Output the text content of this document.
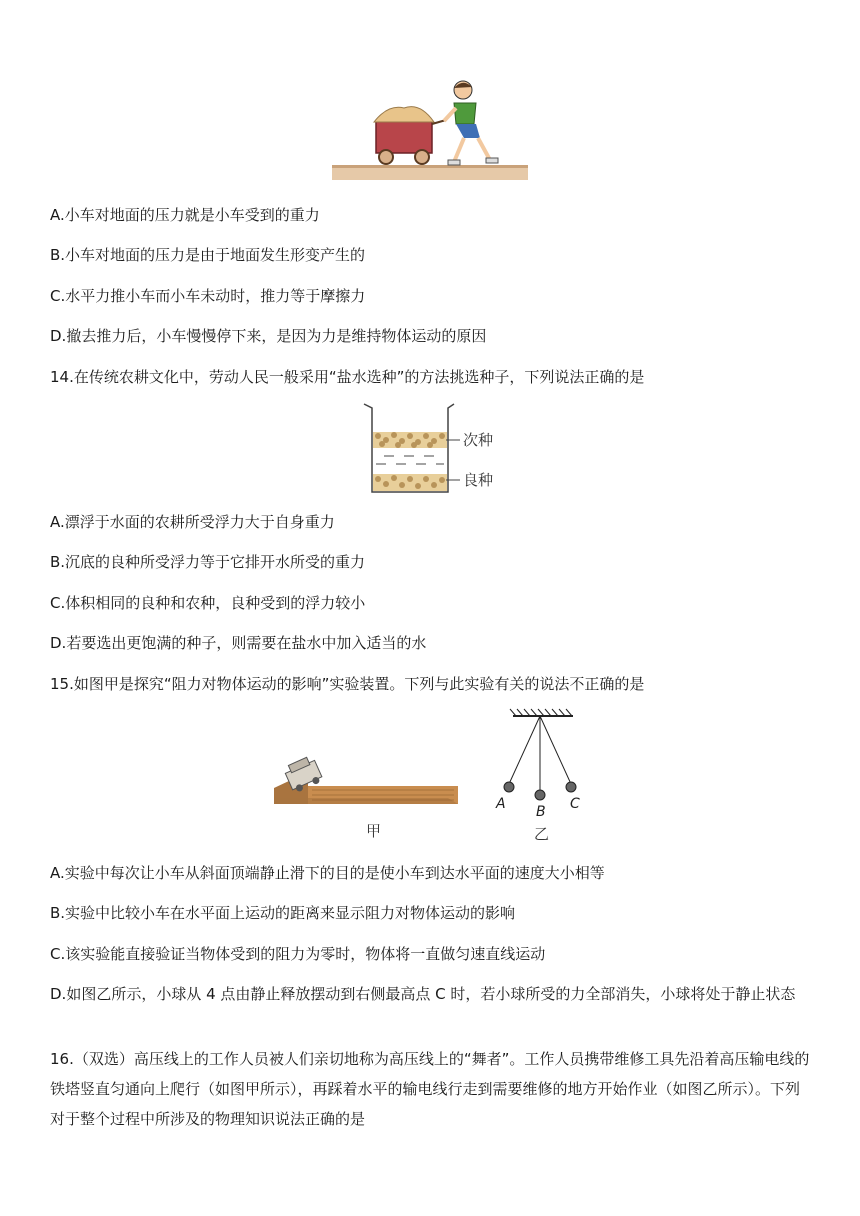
A.小车对地面的压力就是小车受到的重力
B.小车对地面的压力是由于地面发生形变产生的
C.水平力推小车而小车未动时，推力等于摩擦力
D.撤去推力后，小车慢慢停下来，是因为力是维持物体运动的原因
14.在传统农耕文化中，劳动人民一般采用“盐水选种”的方法挑选种子，下列说法正确的是
次种
良种
A.漂浮于水面的农耕所受浮力大于自身重力
B.沉底的良种所受浮力等于它排开水所受的重力
C.体积相同的良种和农种，良种受到的浮力较小
D.若要选出更饱满的种子，则需要在盐水中加入适当的水
15.如图甲是探究“阻力对物体运动的影响”实验装置。下列与此实验有关的说法不正确的是
甲
A B C
乙
A.实验中每次让小车从斜面顶端静止滑下的目的是使小车到达水平面的速度大小相等
B.实验中比较小车在水平面上运动的距离来显示阻力对物体运动的影响
C.该实验能直接验证当物体受到的阻力为零时，物体将一直做匀速直线运动
D.如图乙所示，小球从 4 点由静止释放摆动到右侧最高点 C 时，若小球所受的力全部消失，小球将处于静止状态
16.（双选）高压线上的工作人员被人们亲切地称为高压线上的“舞者”。工作人员携带维修工具先沿着高压输电线的铁塔竖直匀通向上爬行（如图甲所示），再踩着水平的输电线行走到需要维修的地方开始作业（如图乙所示）。下列对于整个过程中所涉及的物理知识说法正确的是
